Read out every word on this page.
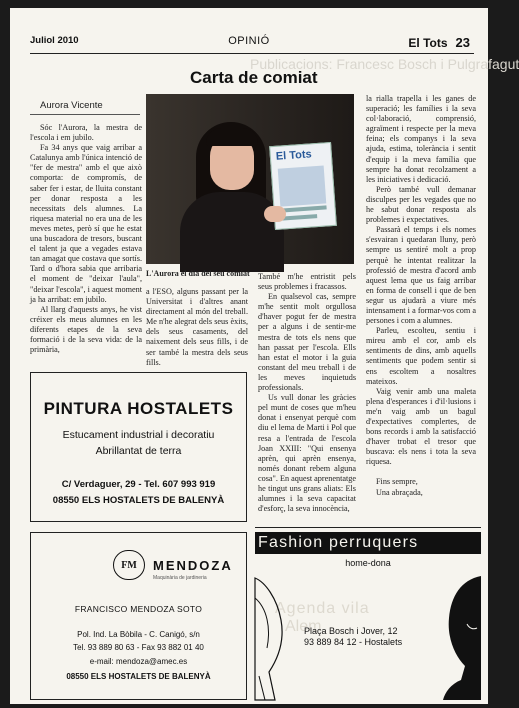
Juliol 2010	OPINIÓ	El Tots 23
Publicacions: Francesc Bosch i Pulgrafagut
Carta de comiat
Aurora Vicente

Sóc l'Aurora, la mestra de l'escola i em jubilo.

Fa 34 anys que vaig arribar a Catalunya amb l'única intenció de "fer de mestra" amb el que això comporta: de compromís, de saber fer i estar, de lluita constant per donar resposta a les necessitats dels alumnes. La riquesa material no era una de les meves metes, però sí que he estat una buscadora de tresors, buscant el talent ja que a vegades estava tan amagat que costava que sortís. Tard o d'hora sabia que arribaria el moment de "deixar l'aula", "deixar l'escola", i aquest moment ja ha arribat: em jubilo.

Al llarg d'aquests anys, he vist créixer els meus alumnes en les diferents etapes de la seva formació i de la seva vida: de la primària,

El Tots
L'Aurora el dia del seu comiat

a l'ESO, alguns passant per la Universitat i d'altres anant directament al món del treball. Me n'he alegrat dels seus èxits, dels seus casaments, del naixement dels seus fills, i de ser també la mestra dels seus fills.

També m'he entristit pels seus problemes i fracassos.

En qualsevol cas, sempre m'he sentit molt orgullosa d'haver pogut fer de mestra per a alguns i de sentir-me mestra de tots els nens que han passat per l'escola. Ells han estat el motor i la guia constant del meu treball i de les meves inquietuds professionals.

Us vull donar les gràcies pel munt de coses que m'heu donat i ensenyat perquè com diu el lema de Marti i Pol que resa a l'entrada de l'escola Joan XXIII: "Qui ensenya aprèn, qui aprèn ensenya, només donant rebem alguna cosa". En aquest aprenentatge he tingut uns grans aliats: Els alumnes i la seva capacitat d'esforç, la seva innocència,

la rialla trapella i les ganes de superació; les famílies i la seva col·laboració, comprensió, agraïment i respecte per la meva feina; els companys i la seva ajuda, estima, tolerància i sentit d'equip i la meva família que sempre ha donat recolzament a les iniciatives i dedicació.

Però també vull demanar disculpes per les vegades que no he sabut donar resposta als problemes i expectatives.

Passarà el temps i els nomes s'esvairan i quedaran lluny, però sempre us sentiré molt a prop perquè he intentat realitzar la professió de mestra d'acord amb aquest lema que us faig arribar en forma de consell i que de ben segur us ajudarà a viure més intensament i a formar-vos com a persones i com a alumnes.

Parleu, escolteu, sentiu i mireu amb el cor, amb els sentiments de dins, amb aquells sentiments que podem sentir si ens escoltem a nosaltres mateixos.

Vaig venir amb una maleta plena d'esperances i d'il·lusions i me'n vaig amb un bagul d'expectatives complertes, de bons records i amb la satisfacció d'haver trobat el tresor que buscava: els nens i tota la seva riquesa.

Fins sempre,

Una abraçada,

PINTURA HOSTALETS
Estucament industrial i decoratiu
Abrillantat de terra
C/ Verdaguer, 29 - Tel. 607 993 919
08550 ELS HOSTALETS DE BALENYÀ
FM	MENDOZA
Maquinària de jardineria
FRANCISCO MENDOZA SOTO
Pol. Ind. La Bòbila - C. Canigó, s/n
Tel. 93 889 80 63 - Fax 93 882 01 40
e-mail: mendoza@amec.es
08550 ELS HOSTALETS DE BALENYÀ
Fashion perruquers
home-dona
Agenda vila
Alem
Plaça Bosch i Jover, 12
93 889 84 12 - Hostalets
